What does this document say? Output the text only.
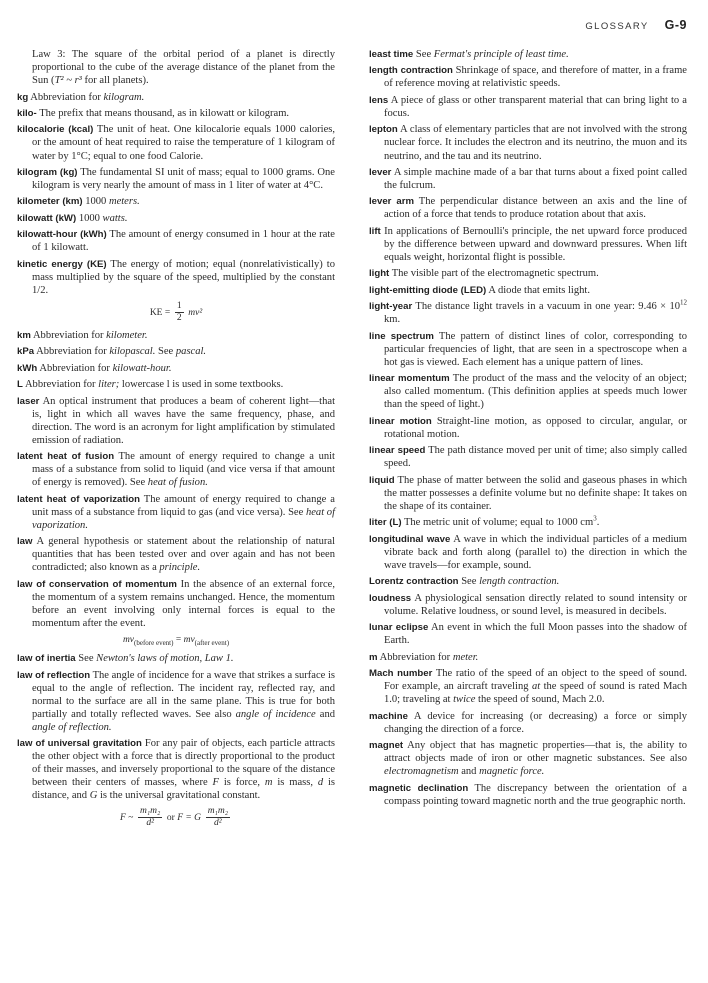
GLOSSARY G-9

Law 3: The square of the orbital period of a planet is directly proportional to the cube of the average distance of the planet from the Sun (T² ~ r³ for all planets).

kg Abbreviation for kilogram.

kilo- The prefix that means thousand, as in kilowatt or kilogram.

kilocalorie (kcal) The unit of heat. One kilocalorie equals 1000 calories, or the amount of heat required to raise the temperature of 1 kilogram of water by 1°C; equal to one food Calorie.

kilogram (kg) The fundamental SI unit of mass; equal to 1000 grams. One kilogram is very nearly the amount of mass in 1 liter of water at 4°C.

kilometer (km) 1000 meters.

kilowatt (kW) 1000 watts.

kilowatt-hour (kWh) The amount of energy consumed in 1 hour at the rate of 1 kilowatt.

kinetic energy (KE) The energy of motion; equal (nonrelativistically) to mass multiplied by the square of the speed, multiplied by the constant 1/2.

KE = $\frac{1}{2} mv^2$

km Abbreviation for kilometer.

kPa Abbreviation for kilopascal. See pascal.

kWh Abbreviation for kilowatt-hour.

L Abbreviation for liter; lowercase l is used in some textbooks.

laser An optical instrument that produces a beam of coherent light—that is, light in which all waves have the same frequency, phase, and direction. The word is an acronym for light amplification by stimulated emission of radiation.

latent heat of fusion The amount of energy required to change a unit mass of a substance from solid to liquid (and vice versa if that amount of energy is removed). See heat of fusion.

latent heat of vaporization The amount of energy required to change a unit mass of a substance from liquid to gas (and vice versa). See heat of vaporization.

law A general hypothesis or statement about the relationship of natural quantities that has been tested over and over again and has not been contradicted; also known as a principle.

law of conservation of momentum In the absence of an external force, the momentum of a system remains unchanged. Hence, the momentum before an event involving only internal forces is equal to the momentum after the event.

$mv_{(before event)} = mv_{(after event)}$

law of inertia See Newton's laws of motion, Law 1.

law of reflection The angle of incidence for a wave that strikes a surface is equal to the angle of reflection. The incident ray, reflected ray, and normal to the surface are all in the same plane. This is true for both partially and totally reflected waves. See also angle of incidence and angle of reflection.

law of universal gravitation For any pair of objects, each particle attracts the other object with a force that is directly proportional to the product of their masses, and inversely proportional to the square of the distance between their centers of masses, where F is force, m is mass, d is distance, and G is the universal gravitational constant.

F ~ $\frac{\text{m₁m₂}}{\text{d²}}$ or F = G $\frac{\text{m₁m₂}}{\text{d²}}$

least time See Fermat's principle of least time.

length contraction Shrinkage of space, and therefore of matter, in a frame of reference moving at relativistic speeds.

lens A piece of glass or other transparent material that can bring light to a focus.

lepton A class of elementary particles that are not involved with the strong nuclear force. It includes the electron and its neutrino, the muon and its neutrino, and the tau and its neutrino.

lever A simple machine made of a bar that turns about a fixed point called the fulcrum.

lever arm The perpendicular distance between an axis and the line of action of a force that tends to produce rotation about that axis.

lift In applications of Bernoulli's principle, the net upward force produced by the difference between upward and downward pressures. When lift equals weight, horizontal flight is possible.

light The visible part of the electromagnetic spectrum.

light-emitting diode (LED) A diode that emits light.

light-year The distance light travels in a vacuum in one year: $9.46 \times 10^{12}$ km.

line spectrum The pattern of distinct lines of color, corresponding to particular frequencies of light, that are seen in a spectroscope when a hot gas is viewed. Each element has a unique pattern of lines.

linear momentum The product of the mass and the velocity of an object; also called momentum. (This definition applies at speeds much lower than the speed of light.)

linear motion Straight-line motion, as opposed to circular, angular, or rotational motion.

linear speed The path distance moved per unit of time; also simply called speed.

liquid The phase of matter between the solid and gaseous phases in which the matter possesses a definite volume but no definite shape: It takes on the shape of its container.

liter (L) The metric unit of volume; equal to 1000 $cm^3$.

longitudinal wave A wave in which the individual particles of a medium vibrate back and forth along (parallel to) the direction in which the wave travels—for example, sound.

Lorentz contraction See length contraction.

loudness A physiological sensation directly related to sound intensity or volume. Relative loudness, or sound level, is measured in decibels.

lunar eclipse An event in which the full Moon passes into the shadow of Earth.

m Abbreviation for meter.

Mach number The ratio of the speed of an object to the speed of sound. For example, an aircraft traveling at the speed of sound is rated Mach 1.0; traveling at twice the speed of sound, Mach 2.0.

machine A device for increasing (or decreasing) a force or simply changing the direction of a force.

magnet Any object that has magnetic properties—that is, the ability to attract objects made of iron or other magnetic substances. See also electromagnetism and magnetic force.

magnetic declination The discrepancy between the orientation of a compass pointing toward magnetic north and the true geographic north.
